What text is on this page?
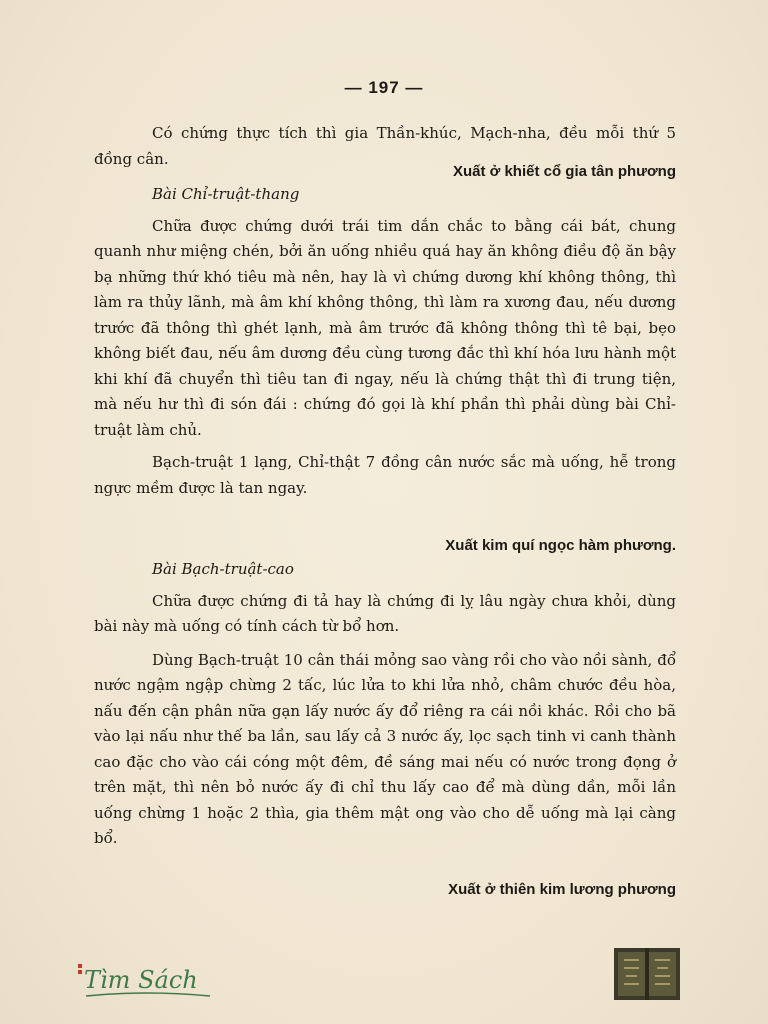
— 197 —

Có chứng thực tích thì gia Thần-khúc, Mạch-nha, đều mỗi thứ 5 đồng cân.

Xuất ở khiết cổ gia tân phương

Bài Chỉ-truật-thang

Chữa được chứng dưới trái tim dắn chắc to bằng cái bát, chung quanh như miệng chén, bởi ăn uống nhiều quá hay ăn không điều độ ăn bậy bạ những thứ khó tiêu mà nên, hay là vì chứng dương khí không thông, thì làm ra thủy lãnh, mà âm khí không thông, thì làm ra xương đau, nếu dương trước đã thông thì ghét lạnh, mà âm trước đã không thông thì tê bại, bẹo không biết đau, nếu âm dương đều cùng tương đắc thì khí hóa lưu hành một khi khí đã chuyển thì tiêu tan đi ngay, nếu là chứng thật thì đi trung tiện, mà nếu hư thì đi són đái : chứng đó gọi là khí phần thì phải dùng bài Chỉ-truật làm chủ.

Bạch-truật 1 lạng, Chỉ-thật 7 đồng cân nước sắc mà uống, hễ trong ngực mềm được là tan ngay.

Xuất kim quí ngọc hàm phương.

Bài Bạch-truật-cao

Chữa được chứng đi tả hay là chứng đi lỵ lâu ngày chưa khỏi, dùng bài này mà uống có tính cách từ bổ hơn.

Dùng Bạch-truật 10 cân thái mỏng sao vàng rồi cho vào nồi sành, đổ nước ngậm ngập chừng 2 tấc, lúc lửa to khi lửa nhỏ, châm chước đều hòa, nấu đến cận phân nữa gạn lấy nước ấy đổ riêng ra cái nồi khác. Rồi cho bã vào lại nấu như thế ba lần, sau lấy cả 3 nước ấy, lọc sạch tinh vi canh thành cao đặc cho vào cái cóng một đêm, đề sáng mai nếu có nước trong đọng ở trên mặt, thì nên bỏ nước ấy đi chỉ thu lấy cao để mà dùng dần, mỗi lần uống chừng 1 hoặc 2 thìa, gia thêm mật ong vào cho dễ uống mà lại càng bổ.

Xuất ở thiên kim lương phương
Tìm Sách
